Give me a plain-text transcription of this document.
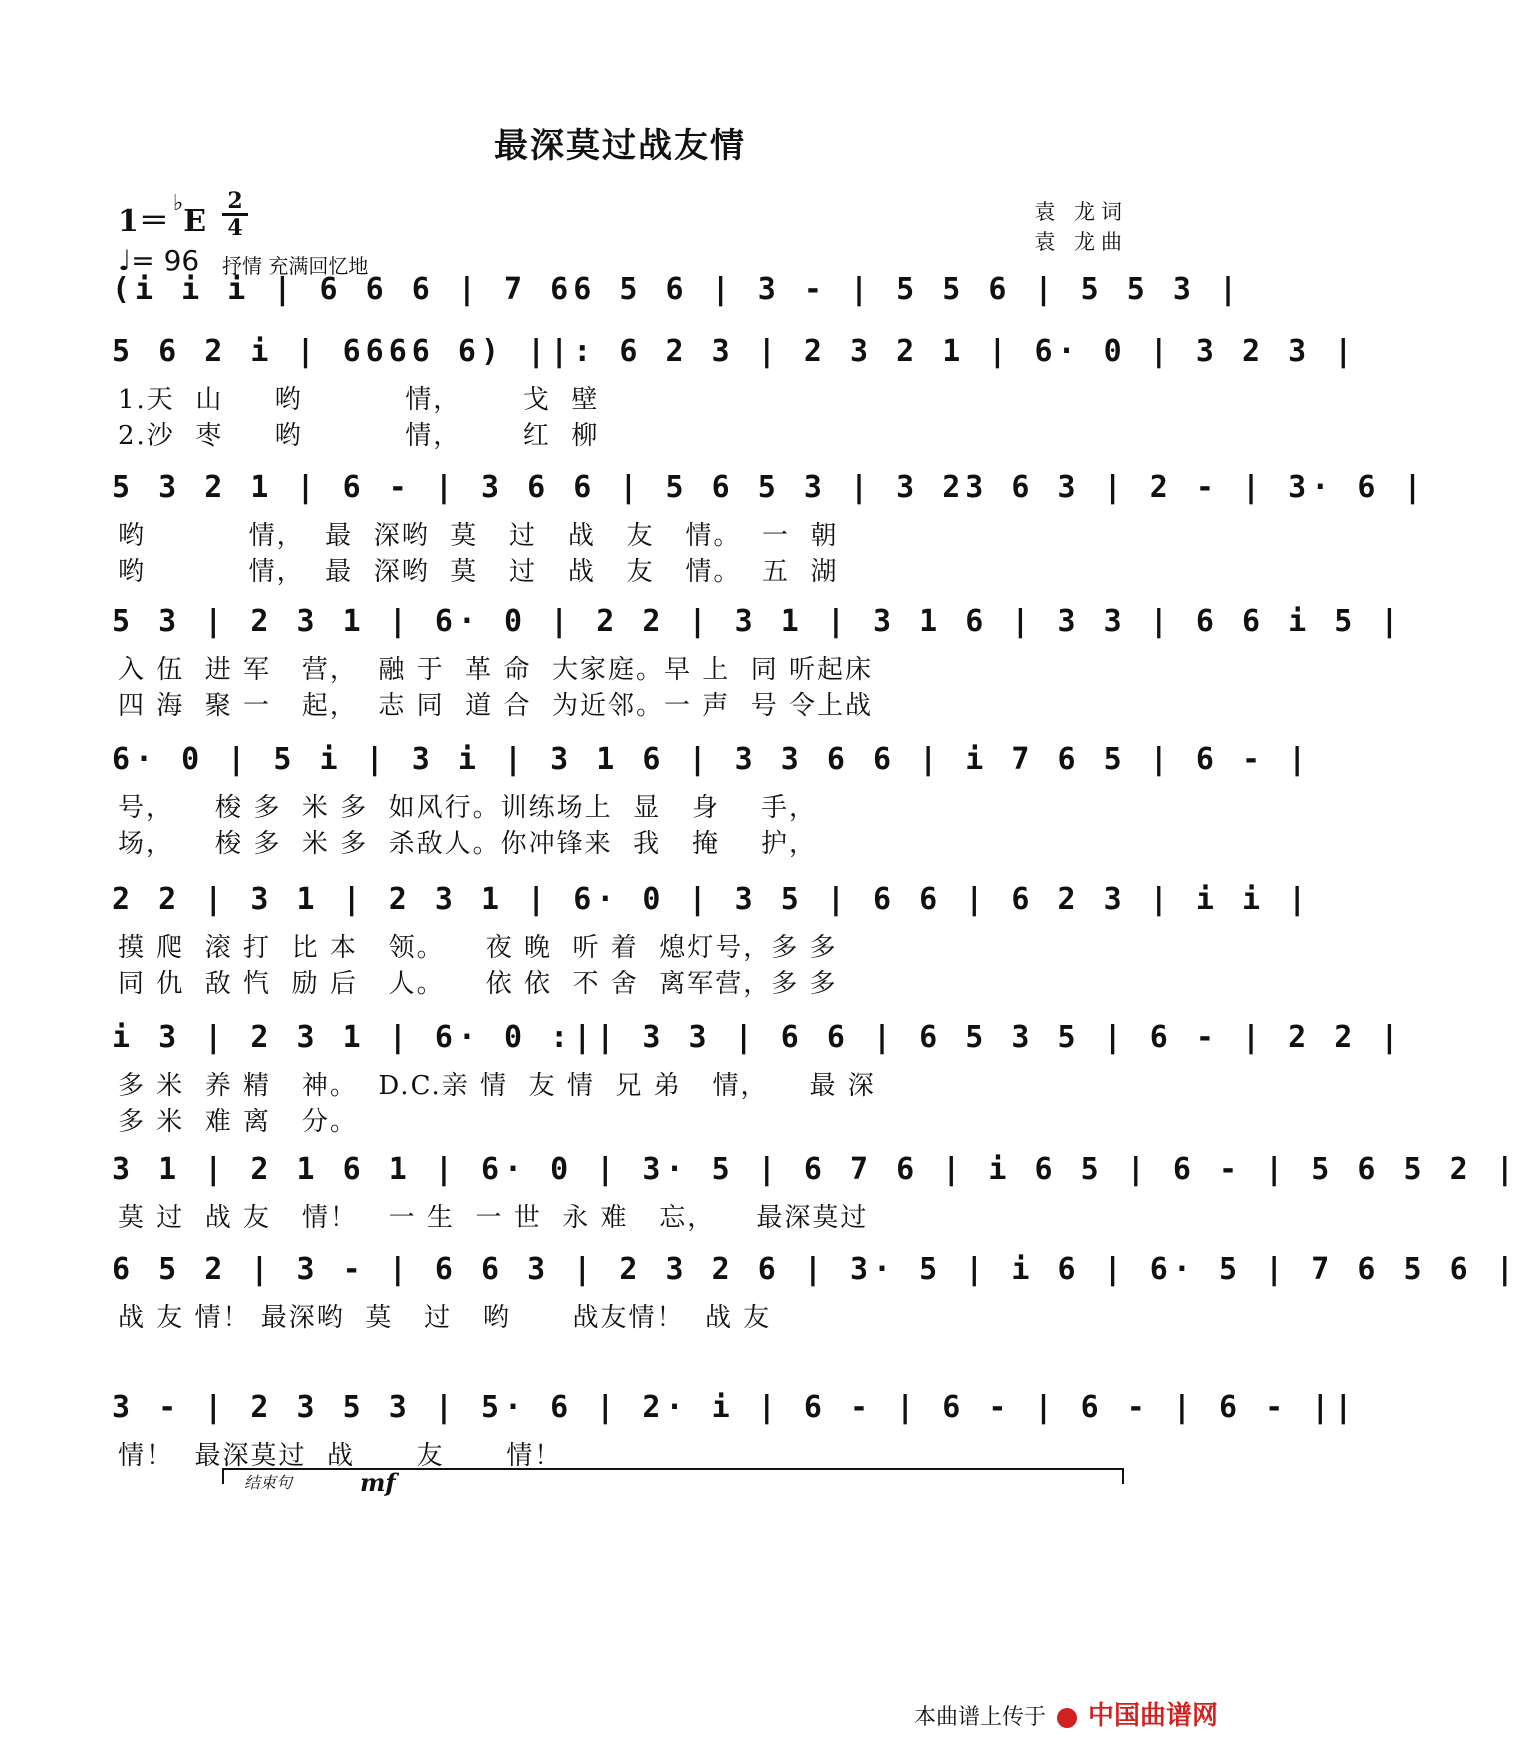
最深莫过战友情
1＝♭E
2
4
♩= 96 抒情 充满回忆地
袁 龙词
袁 龙曲
(i i i | 6 6 6 | 7 66 5 6 | 3 - | 5 5 6 | 5 5 3 |
5 6 2 i | 6666 6) ||: 6 2 3 | 2 3 2 1 | 6· 0 | 3 2 3 |
1.天  山     哟          情，      戈  壁
2.沙  枣     哟          情，      红  柳
5 3 2 1 | 6 - | 3 6 6 | 5 6 5 3 | 3 23 6 3 | 2 - | 3· 6 |
哟          情，  最  深哟  莫   过   战   友   情。  一  朝
哟          情，  最  深哟  莫   过   战   友   情。  五  湖
5 3 | 2 3 1 | 6· 0 | 2 2 | 3 1 | 3 1 6 | 3 3 | 6 6 i 5 |
入 伍  进 军   营，  融 于  革 命  大家庭。早 上  同 听起床
四 海  聚 一   起，  志 同  道 合  为近邻。一 声  号 令上战
6· 0 | 5 i | 3 i | 3 1 6 | 3 3 6 6 | i 7 6 5 | 6 - |
号，    梭 多  米 多  如风行。训练场上  显   身    手，
场，    梭 多  米 多  杀敌人。你冲锋来  我   掩    护，
2 2 | 3 1 | 2 3 1 | 6· 0 | 3 5 | 6 6 | 6 2 3 | i i |
摸 爬  滚 打  比 本   领。    夜 晚  听 着  熄灯号，多 多
同 仇  敌 忾  励 后   人。    依 依  不 舍  离军营，多 多
i 3 | 2 3 1 | 6· 0 :|| 3 3 | 6 6 | 6 5 3 5 | 6 - | 2 2 |
多 米  养 精   神。  D.C.亲 情  友 情  兄 弟   情，    最 深
多 米  难 离   分。
3 1 | 2 1 6 1 | 6· 0 | 3· 5 | 6 7 6 | i 6 5 | 6 - | 5 6 5 2 |
莫 过  战 友   情！   一 生  一 世  永 难   忘，    最深莫过
6 5 2 | 3 - | 6 6 3 | 2 3 2 6 | 3· 5 | i 6 | 6· 5 | 7 6 5 6 |
战 友 情！ 最深哟  莫   过   哟      战友情！  战 友
3 - | 2 3 5 3 | 5· 6 | 2· i | 6 - | 6 - | 6 - | 6 - ||
情！  最深莫过  战      友      情！
结束句	mf
本曲谱上传于 中国曲谱网
